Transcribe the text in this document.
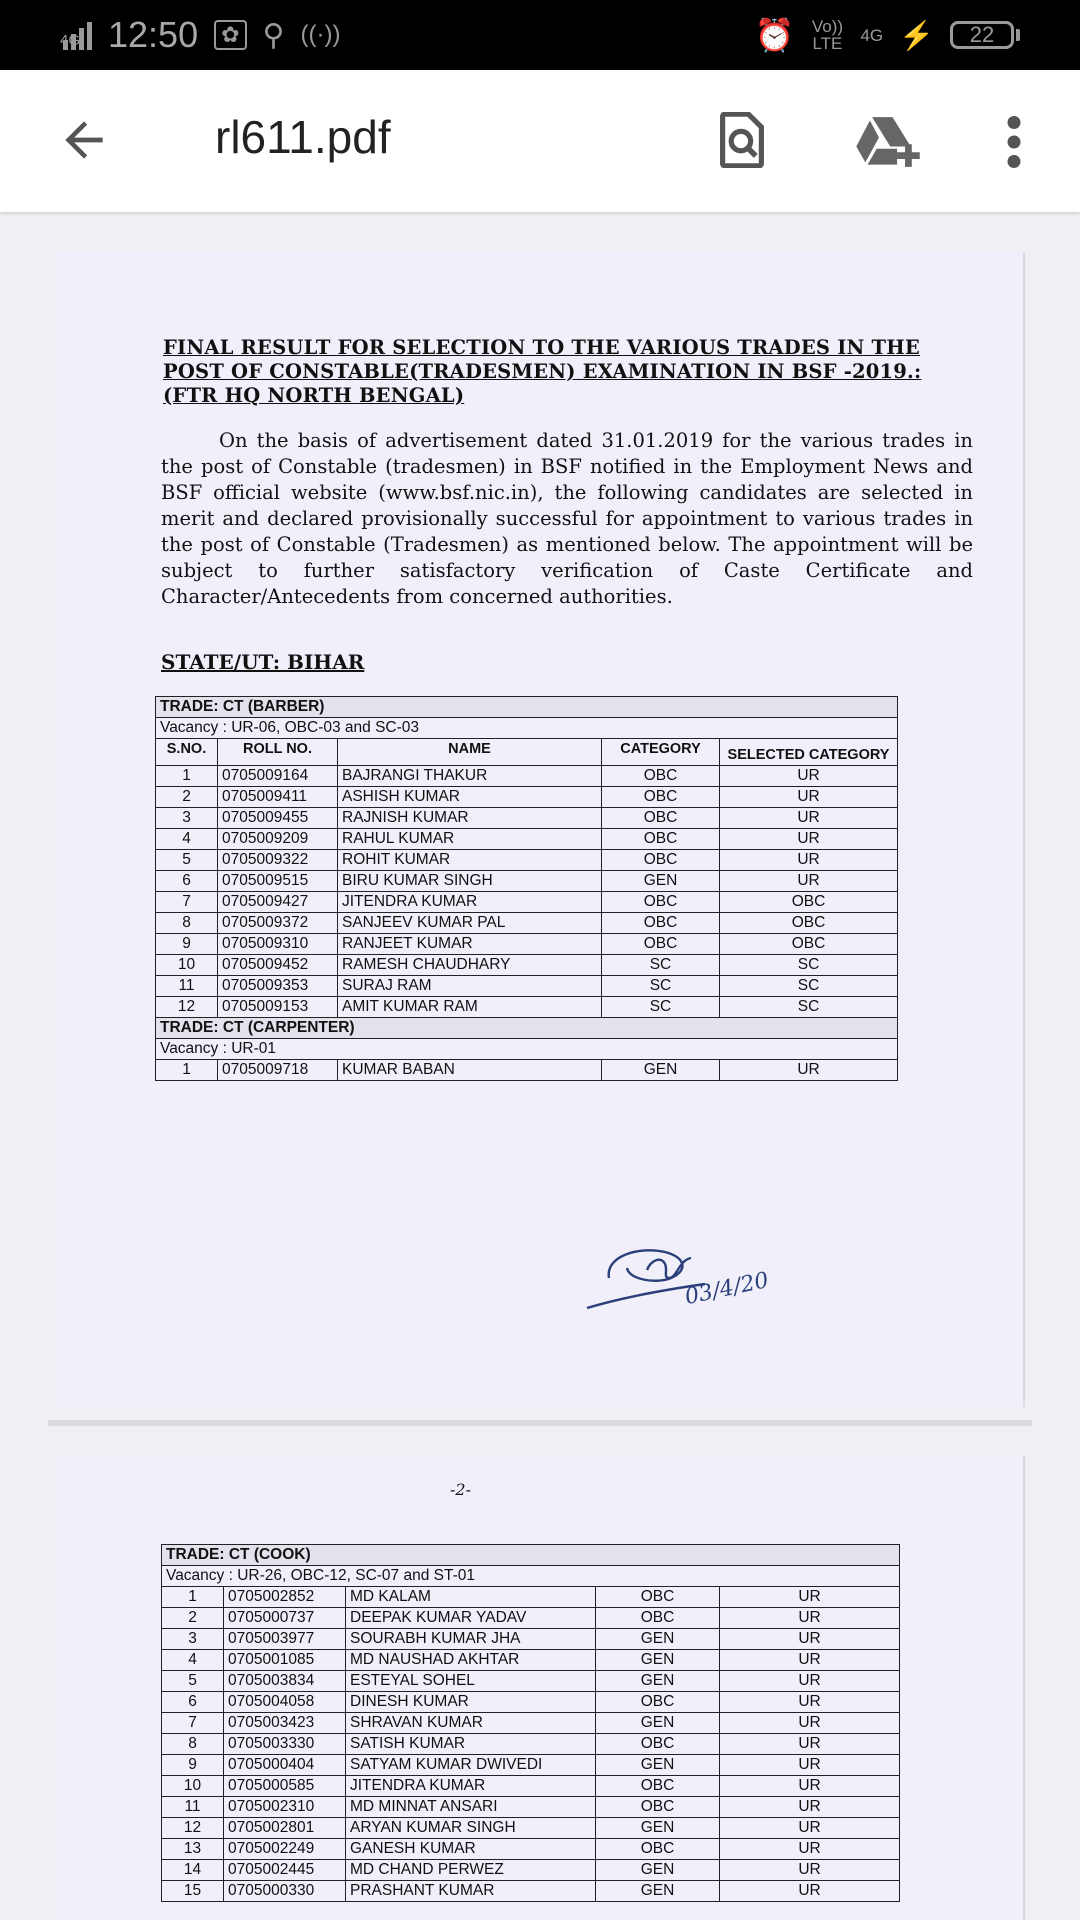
4G 12:50	✿ ⚲ ((·))	⏰ Vo)) LTE 4G ⚡ 22
rl611.pdf
FINAL RESULT FOR SELECTION TO THE VARIOUS TRADES IN THE POST OF CONSTABLE(TRADESMEN) EXAMINATION IN BSF -2019.: (FTR HQ NORTH BENGAL)
On the basis of advertisement dated 31.01.2019 for the various trades in the post of Constable (tradesmen) in BSF notified in the Employment News and BSF official website (www.bsf.nic.in), the following candidates are selected in merit and declared provisionally successful for appointment to various trades in the post of Constable (Tradesmen) as mentioned below. The appointment will be subject to further satisfactory verification of Caste Certificate and Character/Antecedents from concerned authorities.
STATE/UT: BIHAR
TRADE: CT (BARBER)				
Vacancy : UR-06, OBC-03 and SC-03				
S.NO.	ROLL NO.	NAME	CATEGORY	SELECTED CATEGORY
1	0705009164	BAJRANGI THAKUR	OBC	UR
2	0705009411	ASHISH KUMAR	OBC	UR
3	0705009455	RAJNISH KUMAR	OBC	UR
4	0705009209	RAHUL KUMAR	OBC	UR
5	0705009322	ROHIT KUMAR	OBC	UR
6	0705009515	BIRU KUMAR SINGH	GEN	UR
7	0705009427	JITENDRA KUMAR	OBC	OBC
8	0705009372	SANJEEV KUMAR PAL	OBC	OBC
9	0705009310	RANJEET KUMAR	OBC	OBC
10	0705009452	RAMESH CHAUDHARY	SC	SC
11	0705009353	SURAJ RAM	SC	SC
12	0705009153	AMIT KUMAR RAM	SC	SC
TRADE: CT (CARPENTER)				
Vacancy : UR-01				
1	0705009718	KUMAR BABAN	GEN	UR
03/4/20
-2-
TRADE: CT (COOK)				
Vacancy : UR-26, OBC-12, SC-07 and ST-01				
1	0705002852	MD KALAM	OBC	UR
2	0705000737	DEEPAK KUMAR YADAV	OBC	UR
3	0705003977	SOURABH KUMAR JHA	GEN	UR
4	0705001085	MD NAUSHAD AKHTAR	GEN	UR
5	0705003834	ESTEYAL SOHEL	GEN	UR
6	0705004058	DINESH KUMAR	OBC	UR
7	0705003423	SHRAVAN KUMAR	GEN	UR
8	0705003330	SATISH KUMAR	OBC	UR
9	0705000404	SATYAM KUMAR DWIVEDI	GEN	UR
10	0705000585	JITENDRA KUMAR	OBC	UR
11	0705002310	MD MINNAT ANSARI	OBC	UR
12	0705002801	ARYAN KUMAR SINGH	GEN	UR
13	0705002249	GANESH KUMAR	OBC	UR
14	0705002445	MD CHAND PERWEZ	GEN	UR
15	0705000330	PRASHANT KUMAR	GEN	UR
